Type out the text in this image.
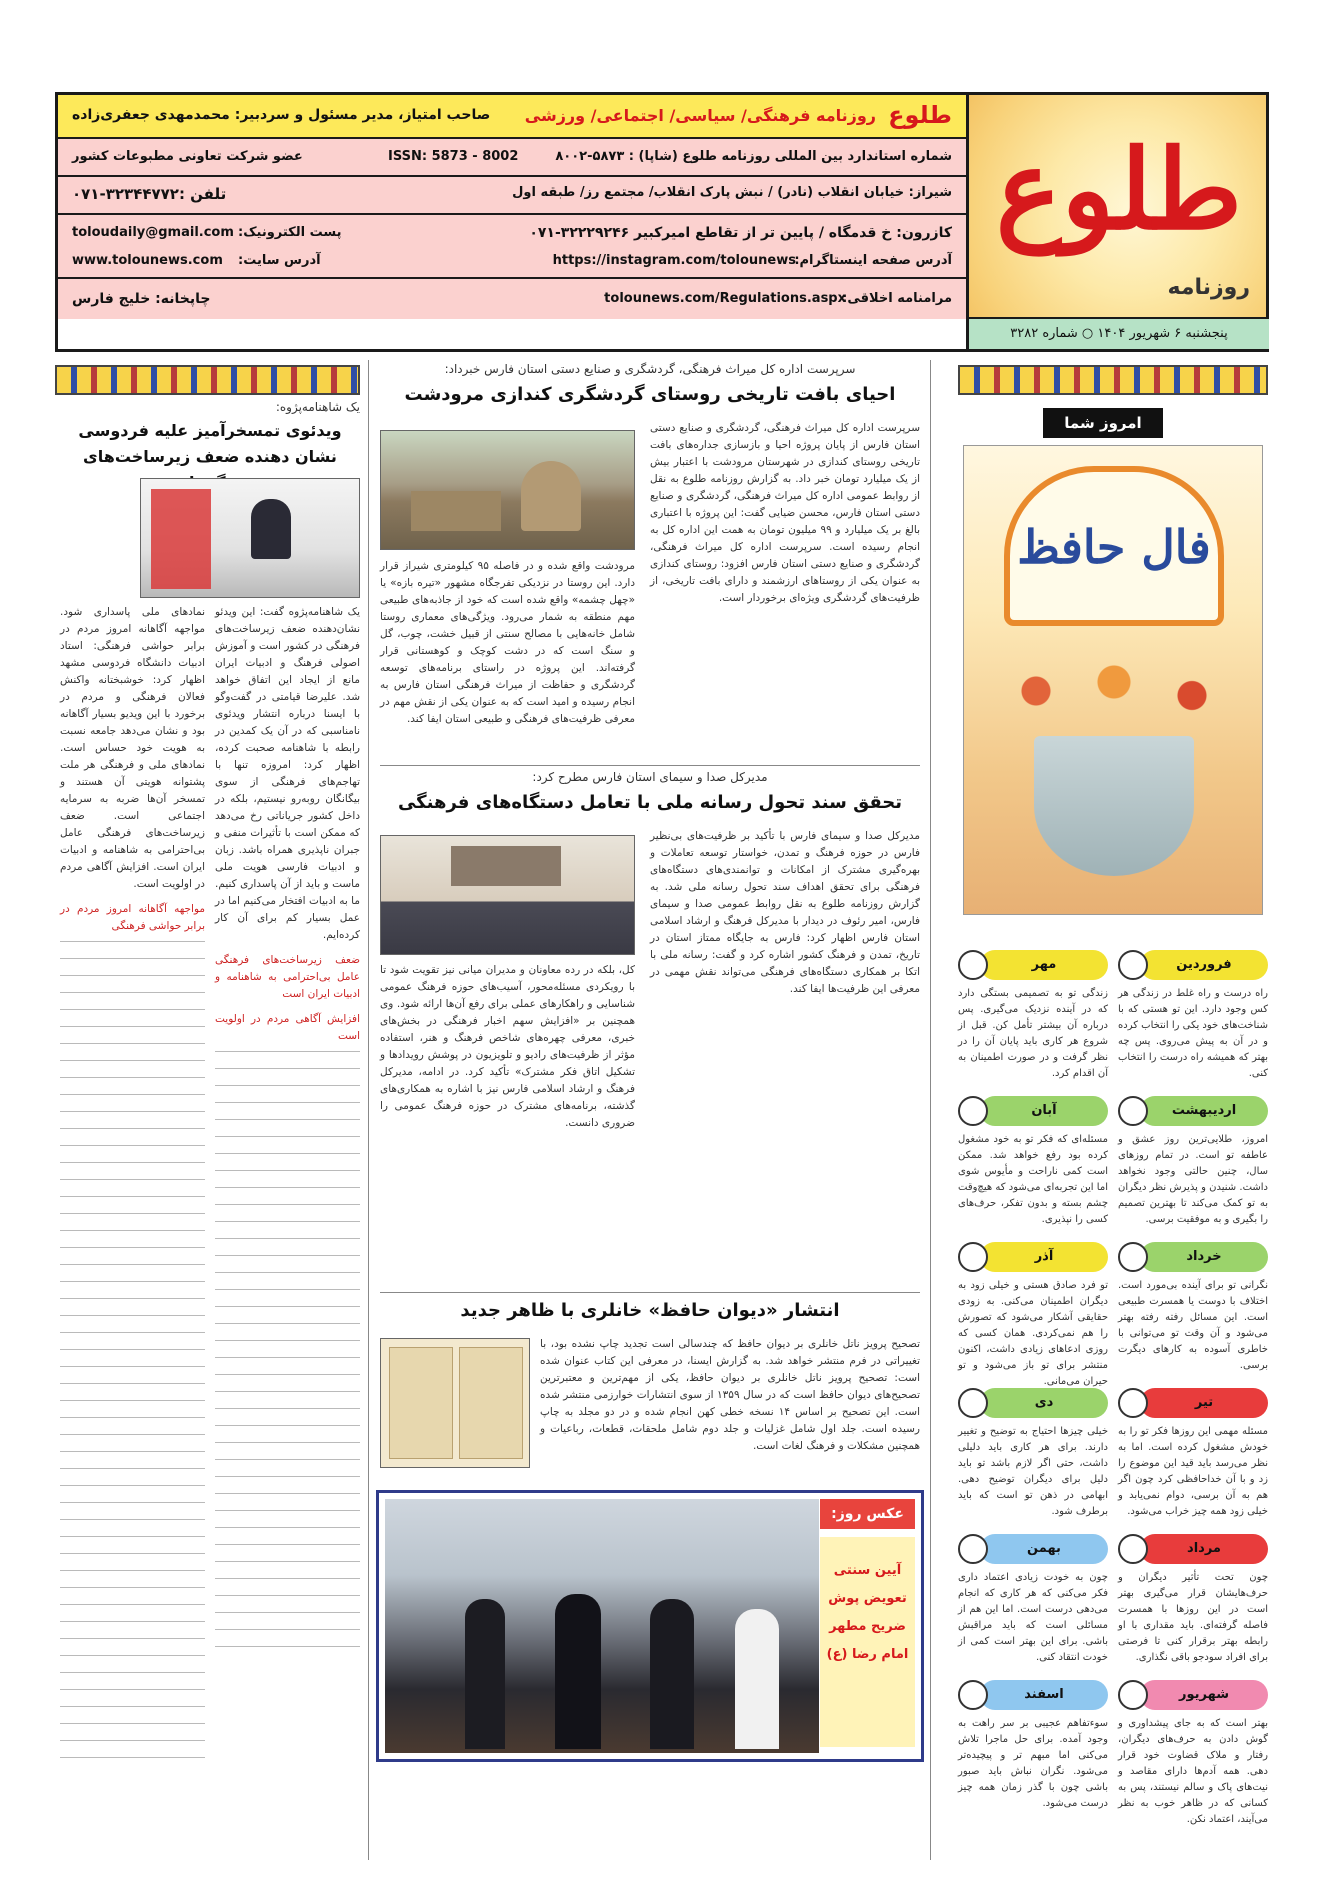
طلوع
روزنامه
پنجشنبه ۶ شهریور ۱۴۰۴ ○ شماره ۳۲۸۲
طلوع
روزنامه فرهنگی/ سیاسی/ اجتماعی/ ورزشی
صاحب امتیاز، مدیر مسئول و سردبیر: محمدمهدی جعفری‌زاده
شماره استاندارد بین المللی روزنامه طلوع (شاپا) : ۵۸۷۳-۸۰۰۲
ISSN: 5873 - 8002
عضو شرکت تعاونی مطبوعات کشور
شیراز: خیابان انقلاب (نادر) / نبش پارک انقلاب/ مجتمع رز/ طبقه اول
تلفن :۳۲۳۴۴۷۷۲-۰۷۱
کازرون: خ قدمگاه / پایین تر از تقاطع امیرکبیر ۳۲۲۲۹۲۴۶-۰۷۱
پست الکترونیک:
toloudaily@gmail.com
آدرس صفحه اینستاگرام:
https://instagram.com/tolounews
آدرس سایت:
www.tolounews.com
مرامنامه اخلاقی:
tolounews.com/Regulations.aspx
چاپخانه: خلیج فارس
سرپرست اداره کل میراث فرهنگی، گردشگری و صنایع دستی استان فارس خبرداد:
احیای بافت تاریخی روستای گردشگری کندازی مرودشت
سرپرست اداره کل میراث فرهنگی، گردشگری و صنایع دستی استان فارس از پایان پروژه احیا و بازسازی جداره‌های بافت تاریخی روستای کندازی در شهرستان مرودشت با اعتبار بیش از یک میلیارد تومان خبر داد. به گزارش روزنامه طلوع به نقل از روابط عمومی اداره کل میراث فرهنگی، گردشگری و صنایع دستی استان فارس، محسن ضیایی گفت: این پروژه با اعتباری بالغ بر یک میلیارد و ۹۹ میلیون تومان به همت این اداره کل به انجام رسیده است. سرپرست اداره کل میراث فرهنگی، گردشگری و صنایع دستی استان فارس افزود: روستای کندازی به عنوان یکی از روستاهای ارزشمند و دارای بافت تاریخی، از ظرفیت‌های گردشگری ویژه‌ای برخوردار است.
مرودشت واقع شده و در فاصله ۹۵ کیلومتری شیراز قرار دارد. این روستا در نزدیکی تفرجگاه مشهور «تیره بازه» یا «چهل چشمه» واقع شده است که خود از جاذبه‌های طبیعی مهم منطقه به شمار می‌رود. ویژگی‌های معماری روستا شامل خانه‌هایی با مصالح سنتی از قبیل خشت، چوب، گل و سنگ است که در دشت کوچک و کوهستانی قرار گرفته‌اند. این پروژه در راستای برنامه‌های توسعه گردشگری و حفاظت از میراث فرهنگی استان فارس به انجام رسیده و امید است که به عنوان یکی از نقش مهم در معرفی ظرفیت‌های فرهنگی و طبیعی استان ایفا کند.
مدیرکل صدا و سیمای استان فارس مطرح کرد:
تحقق سند تحول رسانه ملی با تعامل دستگاه‌های فرهنگی
مدیرکل صدا و سیمای فارس با تأکید بر ظرفیت‌های بی‌نظیر فارس در حوزه فرهنگ و تمدن، خواستار توسعه تعاملات و بهره‌گیری مشترک از امکانات و توانمندی‌های دستگاه‌های فرهنگی برای تحقق اهداف سند تحول رسانه ملی شد. به گزارش روزنامه طلوع به نقل روابط عمومی صدا و سیمای فارس، امیر رئوف در دیدار با مدیرکل فرهنگ و ارشاد اسلامی استان فارس اظهار کرد: فارس به جایگاه ممتاز استان در تاریخ، تمدن و فرهنگ کشور اشاره کرد و گفت: رسانه ملی با اتکا بر همکاری دستگاه‌های فرهنگی می‌تواند نقش مهمی در معرفی این ظرفیت‌ها ایفا کند.
کل، بلکه در رده معاونان و مدیران میانی نیز تقویت شود تا با رویکردی مسئله‌محور، آسیب‌های حوزه فرهنگ عمومی شناسایی و راهکارهای عملی برای رفع آن‌ها ارائه شود. وی همچنین بر «افزایش سهم اخبار فرهنگی در بخش‌های خبری، معرفی چهره‌های شاخص فرهنگ و هنر، استفاده مؤثر از ظرفیت‌های رادیو و تلویزیون در پوشش رویدادها و تشکیل اتاق فکر مشترک» تأکید کرد. در ادامه، مدیرکل فرهنگ و ارشاد اسلامی فارس نیز با اشاره به همکاری‌های گذشته، برنامه‌های مشترک در حوزه فرهنگ عمومی را ضروری دانست.
انتشار «دیوان حافظ» خانلری با ظاهر جدید
تصحیح پرویز ناتل خانلری بر دیوان حافظ که چندسالی است تجدید چاپ نشده بود، با تغییراتی در فرم منتشر خواهد شد. به گزارش ایسنا، در معرفی این کتاب عنوان شده است: تصحیح پرویز ناتل خانلری بر دیوان حافظ، یکی از مهم‌ترین و معتبرترین تصحیح‌های دیوان حافظ است که در سال ۱۳۵۹ از سوی انتشارات خوارزمی منتشر شده است. این تصحیح بر اساس ۱۴ نسخه خطی کهن انجام شده و در دو مجلد به چاپ رسیده است. جلد اول شامل غزلیات و جلد دوم شامل ملحقات، قطعات، رباعیات و همچنین مشکلات و فرهنگ لغات است.
عکس روز:
آیین سنتی تعویض پوش ضریح مطهر امام رضا (ع)
یک شاهنامه‌پژوه:
ویدئوی تمسخرآمیز علیه فردوسی نشان دهنده ضعف زیرساخت‌های
نمادهای ملی پاسداری شود. مواجهه آگاهانه امروز مردم در برابر حواشی فرهنگی: استاد ادبیات دانشگاه فردوسی مشهد اظهار کرد: خوشبختانه واکنش فعالان فرهنگی و مردم در برخورد با این ویدیو بسیار آگاهانه بود و نشان می‌دهد جامعه نسبت به هویت خود حساس است. نمادهای ملی و فرهنگی هر ملت پشتوانه هویتی آن هستند و تمسخر آن‌ها ضربه به سرمایه اجتماعی است. ضعف زیرساخت‌های فرهنگی عامل بی‌احترامی به شاهنامه و ادبیات ایران است. افزایش آگاهی مردم در اولویت است.
مواجهه آگاهانه امروز مردم در برابر حواشی فرهنگی
یک شاهنامه‌پژوه گفت: این ویدئو نشان‌دهنده ضعف زیرساخت‌های فرهنگی در کشور است و آموزش اصولی فرهنگ و ادبیات ایران مانع از ایجاد این اتفاق خواهد شد. علیرضا قیامتی در گفت‌وگو با ایسنا درباره انتشار ویدئوی نامناسبی که در آن یک کمدین در رابطه با شاهنامه صحبت کرده، اظهار کرد: امروزه تنها با تهاجم‌های فرهنگی از سوی بیگانگان روبه‌رو نیستیم، بلکه در داخل کشور جریاناتی رخ می‌دهد که ممکن است با تأثیرات منفی و جبران ناپذیری همراه باشد. زبان و ادبیات فارسی هویت ملی ماست و باید از آن پاسداری کنیم. ما به ادبیات افتخار می‌کنیم اما در عمل بسیار کم برای آن کار کرده‌ایم.
ضعف زیرساخت‌های فرهنگی عامل بی‌احترامی به شاهنامه و ادبیات ایران است
افزایش آگاهی مردم در اولویت است
امروز شما
فال حافظ
فروردین
راه درست و راه غلط در زندگی هر کس وجود دارد. این تو هستی که با شناخت‌های خود یکی را انتخاب کرده و در آن به پیش می‌روی. پس چه بهتر که همیشه راه درست را انتخاب کنی.
مهر
زندگی تو به تصمیمی بستگی دارد که در آینده نزدیک می‌گیری. پس درباره آن بیشتر تأمل کن. قبل از شروع هر کاری باید پایان آن را در نظر گرفت و در صورت اطمینان به آن اقدام کرد.
اردیبهشت
امروز، طلایی‌ترین روز عشق و عاطفه تو است. در تمام روزهای سال، چنین حالتی وجود نخواهد داشت. شنیدن و پذیرش نظر دیگران به تو کمک می‌کند تا بهترین تصمیم را بگیری و به موفقیت برسی.
آبان
مسئله‌ای که فکر تو به خود مشغول کرده بود رفع خواهد شد. ممکن است کمی ناراحت و مأیوس شوی اما این تجربه‌ای می‌شود که هیچ‌وقت چشم بسته و بدون تفکر، حرف‌های کسی را نپذیری.
خرداد
نگرانی تو برای آینده بی‌مورد است. اختلاف با دوست یا همسرت طبیعی است. این مسائل رفته رفته بهتر می‌شود و آن وقت تو می‌توانی با خاطری آسوده به کارهای دیگرت برسی.
آذر
تو فرد صادق هستی و خیلی زود به دیگران اطمینان می‌کنی. به زودی حقایقی آشکار می‌شود که تصورش را هم نمی‌کردی. همان کسی که روزی ادعاهای زیادی داشت، اکنون منتشر برای تو باز می‌شود و تو حیران می‌مانی.
تیر
مسئله مهمی این روزها فکر تو را به خودش مشغول کرده است. اما به نظر می‌رسد باید قید این موضوع را زد و با آن خداحافظی کرد چون اگر هم به آن برسی، دوام نمی‌یابد و خیلی زود همه چیز خراب می‌شود.
دی
خیلی چیزها احتیاج به توضیح و تغییر دارند. برای هر کاری باید دلیلی داشت، حتی اگر لازم باشد تو باید دلیل برای دیگران توضیح دهی. ابهامی در ذهن تو است که باید برطرف شود.
مرداد
چون تحت تأثیر دیگران و حرف‌هایشان قرار می‌گیری بهتر است در این روزها با همسرت فاصله گرفته‌ای. باید مقداری با او رابطه بهتر برقرار کنی تا فرصتی برای افراد سودجو باقی نگذاری.
بهمن
چون به خودت زیادی اعتماد داری فکر می‌کنی که هر کاری که انجام می‌دهی درست است. اما این هم از مسائلی است که باید مراقبش باشی. برای این بهتر است کمی از خودت انتقاد کنی.
شهریور
بهتر است که به جای پیشداوری و گوش دادن به حرف‌های دیگران، رفتار و ملاک قضاوت خود قرار دهی. همه آدم‌ها دارای مقاصد و نیت‌های پاک و سالم نیستند، پس به کسانی که در ظاهر خوب به نظر می‌آیند، اعتماد نکن.
اسفند
سوءتفاهم عجیبی بر سر راهت به وجود آمده. برای حل ماجرا تلاش می‌کنی اما مبهم تر و پیچیده‌تر می‌شود. نگران نباش باید صبور باشی چون با گذر زمان همه چیز درست می‌شود.
